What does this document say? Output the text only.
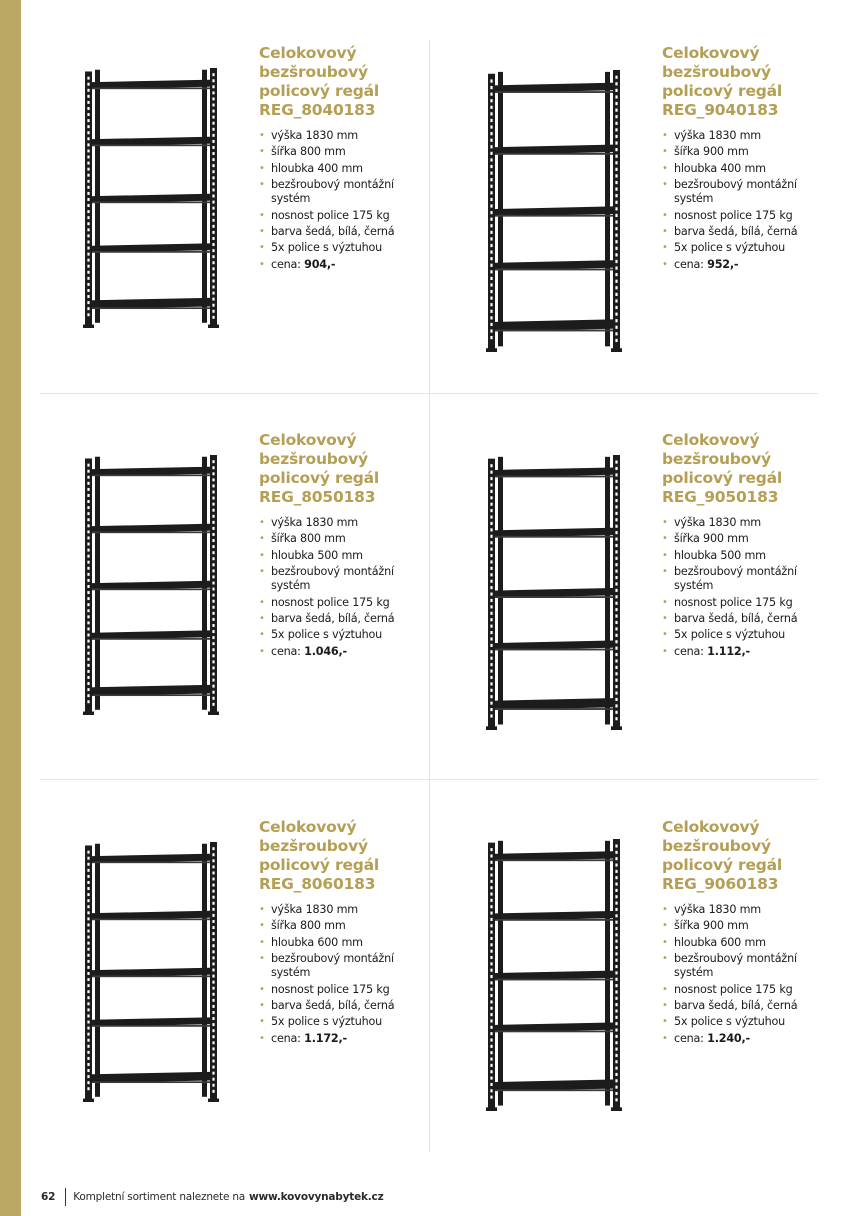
Celokovový
bezšroubový
policový regál
REG_8040183
• výška 1830 mm
• šířka 800 mm
• hloubka 400 mm
• bezšroubový montážní systém
• nosnost police 175 kg
• barva šedá, bílá, černá
• 5x police s výztuhou
• cena: 904,-
Celokovový
bezšroubový
policový regál
REG_9040183
• výška 1830 mm
• šířka 900 mm
• hloubka 400 mm
• bezšroubový montážní systém
• nosnost police 175 kg
• barva šedá, bílá, černá
• 5x police s výztuhou
• cena: 952,-
Celokovový
bezšroubový
policový regál
REG_8050183
• výška 1830 mm
• šířka 800 mm
• hloubka 500 mm
• bezšroubový montážní systém
• nosnost police 175 kg
• barva šedá, bílá, černá
• 5x police s výztuhou
• cena: 1.046,-
Celokovový
bezšroubový
policový regál
REG_9050183
• výška 1830 mm
• šířka 900 mm
• hloubka 500 mm
• bezšroubový montážní systém
• nosnost police 175 kg
• barva šedá, bílá, černá
• 5x police s výztuhou
• cena: 1.112,-
Celokovový
bezšroubový
policový regál
REG_8060183
• výška 1830 mm
• šířka 800 mm
• hloubka 600 mm
• bezšroubový montážní systém
• nosnost police 175 kg
• barva šedá, bílá, černá
• 5x police s výztuhou
• cena: 1.172,-
Celokovový
bezšroubový
policový regál
REG_9060183
• výška 1830 mm
• šířka 900 mm
• hloubka 600 mm
• bezšroubový montážní systém
• nosnost police 175 kg
• barva šedá, bílá, černá
• 5x police s výztuhou
• cena: 1.240,-
62 Kompletní sortiment naleznete na www.kovovynabytek.cz
